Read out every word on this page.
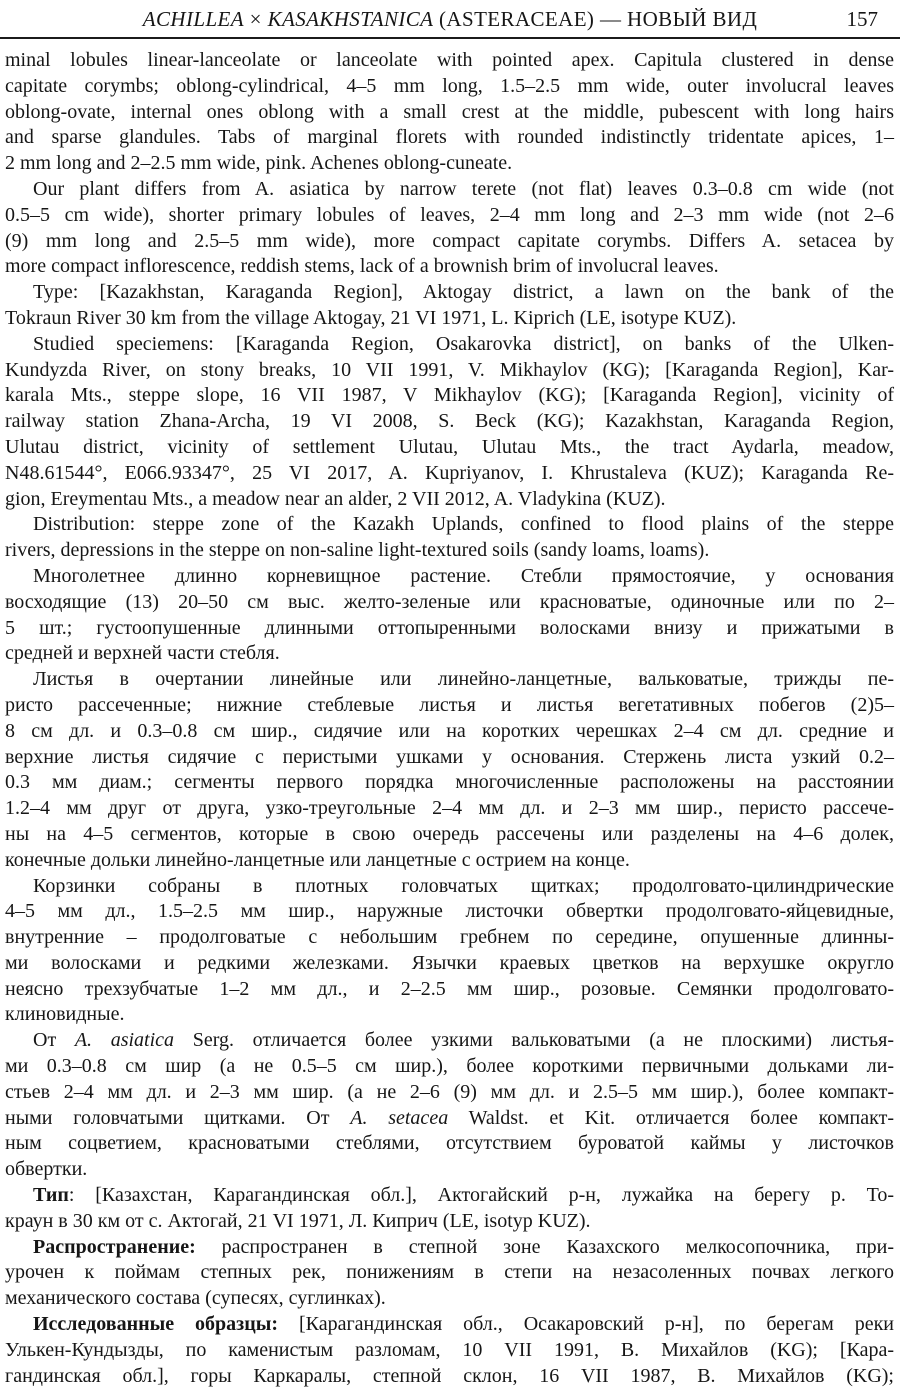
ACHILLEA × KASAKHSTANICA (ASTERACEAE) — НОВЫЙ ВИД	157
minal lobules linear-lanceolate or lanceolate with pointed apex. Capitula clustered in dense
capitate corymbs; oblong-cylindrical, 4–5 mm long, 1.5–2.5 mm wide, outer involucral leaves
oblong-ovate, internal ones oblong with a small crest at the middle, pubescent with long hairs
and sparse glandules. Tabs of marginal florets with rounded indistinctly tridentate apices, 1–
2 mm long and 2–2.5 mm wide, pink. Achenes oblong-cuneate.
Our plant differs from A. asiatica by narrow terete (not flat) leaves 0.3–0.8 cm wide (not
0.5–5 cm wide), shorter primary lobules of leaves, 2–4 mm long and 2–3 mm wide (not 2–6
(9) mm long and 2.5–5 mm wide), more compact capitate corymbs. Differs A. setacea by
more compact inflorescence, reddish stems, lack of a brownish brim of involucral leaves.
Type: [Kazakhstan, Karaganda Region], Aktogay district, a lawn on the bank of the
Tokraun River 30 km from the village Aktogay, 21 VI 1971, L. Kiprich (LE, isotype KUZ).
Studied speciemens: [Karaganda Region, Osakarovka district], on banks of the Ulken-
Kundyzda River, on stony breaks, 10 VII 1991, V. Mikhaylov (KG); [Karaganda Region], Kar-
karala Mts., steppe slope, 16 VII 1987, V Mikhaylov (KG); [Karaganda Region], vicinity of
railway station Zhana-Archa, 19 VI 2008, S. Beck (KG); Kazakhstan, Karaganda Region,
Ulutau district, vicinity of settlement Ulutau, Ulutau Mts., the tract Aydarla, meadow,
N48.61544°, E066.93347°, 25 VI 2017, A. Kupriyanov, I. Khrustaleva (KUZ); Karaganda Re-
gion, Ereymentau Mts., a meadow near an alder, 2 VII 2012, A. Vladykina (KUZ).
Distribution: steppe zone of the Kazakh Uplands, confined to flood plains of the steppe
rivers, depressions in the steppe on non-saline light-textured soils (sandy loams, loams).
Многолетнее длинно корневищное растение. Стебли прямостоячие, у основания
восходящие (13) 20–50 см выс. желто-зеленые или красноватые, одиночные или по 2–
5 шт.; густоопушенные длинными оттопыренными волосками внизу и прижатыми в
средней и верхней части стебля.
Листья в очертании линейные или линейно-ланцетные, вальковатые, трижды пе-
ристо рассеченные; нижние стеблевые листья и листья вегетативных побегов (2)5–
8 см дл. и 0.3–0.8 см шир., сидячие или на коротких черешках 2–4 см дл. средние и
верхние листья сидячие с перистыми ушками у основания. Стержень листа узкий 0.2–
0.3 мм диам.; сегменты первого порядка многочисленные расположены на расстоянии
1.2–4 мм друг от друга, узко-треугольные 2–4 мм дл. и 2–3 мм шир., перисто рассече-
ны на 4–5 сегментов, которые в свою очередь рассечены или разделены на 4–6 долек,
конечные дольки линейно-ланцетные или ланцетные с острием на конце.
Корзинки собраны в плотных головчатых щитках; продолговато-цилиндрические
4–5 мм дл., 1.5–2.5 мм шир., наружные листочки обвертки продолговато-яйцевидные,
внутренние – продолговатые с небольшим гребнем по середине, опушенные длинны-
ми волосками и редкими железками. Язычки краевых цветков на верхушке округло
неясно трехзубчатые 1–2 мм дл., и 2–2.5 мм шир., розовые. Семянки продолговато-
клиновидные.
От A. asiatica Serg. отличается более узкими вальковатыми (а не плоскими) листья-
ми 0.3–0.8 см шир (а не 0.5–5 см шир.), более короткими первичными дольками ли-
стьев 2–4 мм дл. и 2–3 мм шир. (а не 2–6 (9) мм дл. и 2.5–5 мм шир.), более компакт-
ными головчатыми щитками. От A. setacea Waldst. et Kit. отличается более компакт-
ным соцветием, красноватыми стеблями, отсутствием буроватой каймы у листочков
обвертки.
Тип: [Казахстан, Карагандинская обл.], Актогайский р-н, лужайка на берегу р. То-
краун в 30 км от с. Актогай, 21 VI 1971, Л. Киприч (LE, isotyp KUZ).
Распространение: распространен в степной зоне Казахского мелкосопочника, при-
урочен к поймам степных рек, понижениям в степи на незасоленных почвах легкого
механического состава (супесях, суглинках).
Исследованные образцы: [Карагандинская обл., Осакаровский р-н], по берегам реки
Улькен-Кундызды, по каменистым разломам, 10 VII 1991, В. Михайлов (KG); [Кара-
гандинская обл.], горы Каркаралы, степной склон, 16 VII 1987, В. Михайлов (KG);
